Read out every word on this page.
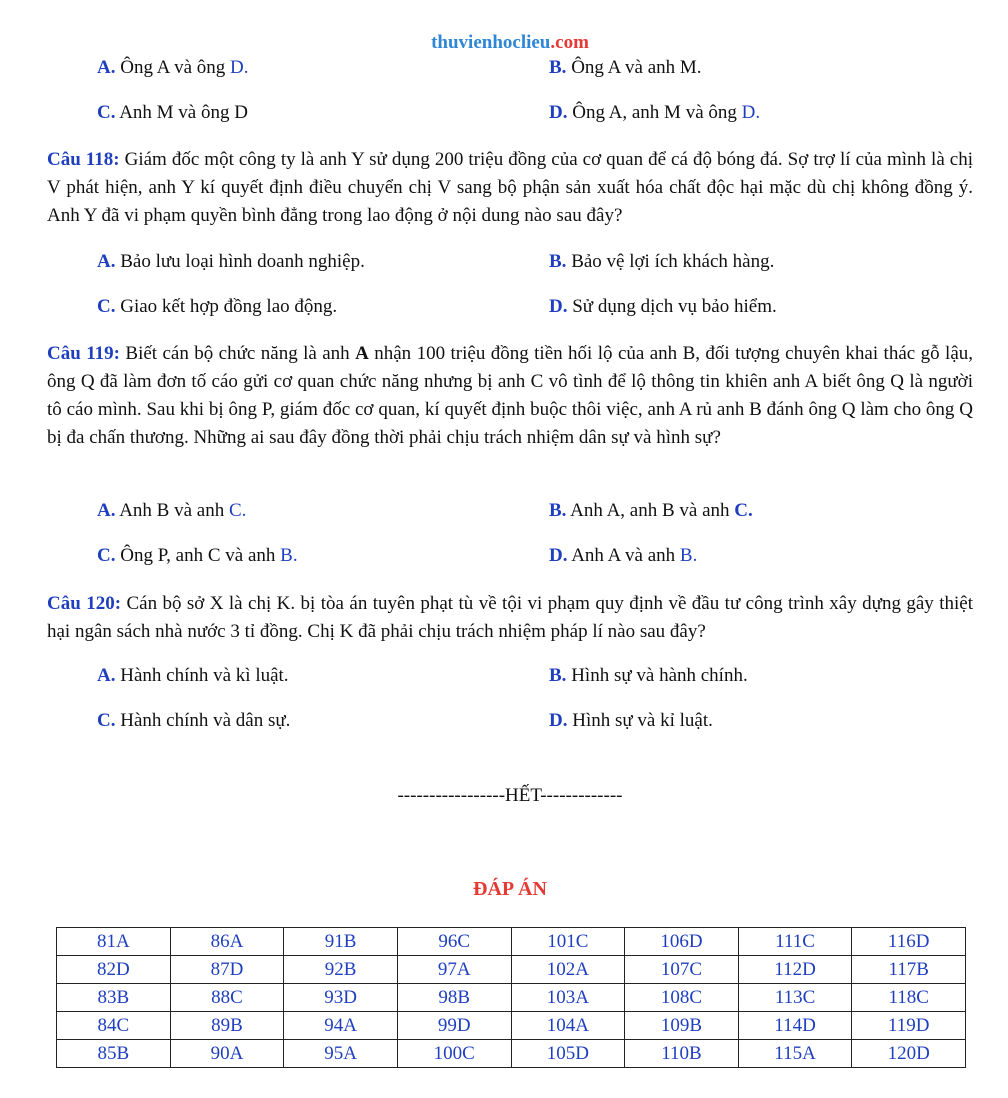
thuvienhoclieu.com
A. Ông A và ông D.	B. Ông A và anh M.
C. Anh M và ông D	D. Ông A, anh M và ông D.
Câu 118: Giám đốc một công ty là anh Y sử dụng 200 triệu đồng của cơ quan để cá độ bóng đá. Sợ trợ lí của mình là chị V phát hiện, anh Y kí quyết định điều chuyển chị V sang bộ phận sản xuất hóa chất độc hại mặc dù chị không đồng ý. Anh Y đã vi phạm quyền bình đẳng trong lao động ở nội dung nào sau đây?
A. Bảo lưu loại hình doanh nghiệp.	B. Bảo vệ lợi ích khách hàng.
C. Giao kết hợp đồng lao động.	D. Sử dụng dịch vụ bảo hiểm.
Câu 119: Biết cán bộ chức năng là anh A nhận 100 triệu đồng tiền hối lộ của anh B, đối tượng chuyên khai thác gỗ lậu, ông Q đã làm đơn tố cáo gửi cơ quan chức năng nhưng bị anh C vô tình để lộ thông tin khiên anh A biết ông Q là người tô cáo mình. Sau khi bị ông P, giám đốc cơ quan, kí quyết định buộc thôi việc, anh A rủ anh B đánh ông Q làm cho ông Q bị đa chấn thương. Những ai sau đây đồng thời phải chịu trách nhiệm dân sự và hình sự?
A. Anh B và anh C.	B. Anh A, anh B và anh C.
C. Ông P, anh C và anh B.	D. Anh A và anh B.
Câu 120: Cán bộ sở X là chị K. bị tòa án tuyên phạt tù về tội vi phạm quy định về đầu tư công trình xây dựng gây thiệt hại ngân sách nhà nước 3 tỉ đồng. Chị K đã phải chịu trách nhiệm pháp lí nào sau đây?
A. Hành chính và kì luật.	B. Hình sự và hành chính.
C. Hành chính và dân sự.	D. Hình sự và kỉ luật.
-----------------HẾT-------------
ĐÁP ÁN
81A	86A	91B	96C	101C	106D	111C	116D
82D	87D	92B	97A	102A	107C	112D	117B
83B	88C	93D	98B	103A	108C	113C	118C
84C	89B	94A	99D	104A	109B	114D	119D
85B	90A	95A	100C	105D	110B	115A	120D
